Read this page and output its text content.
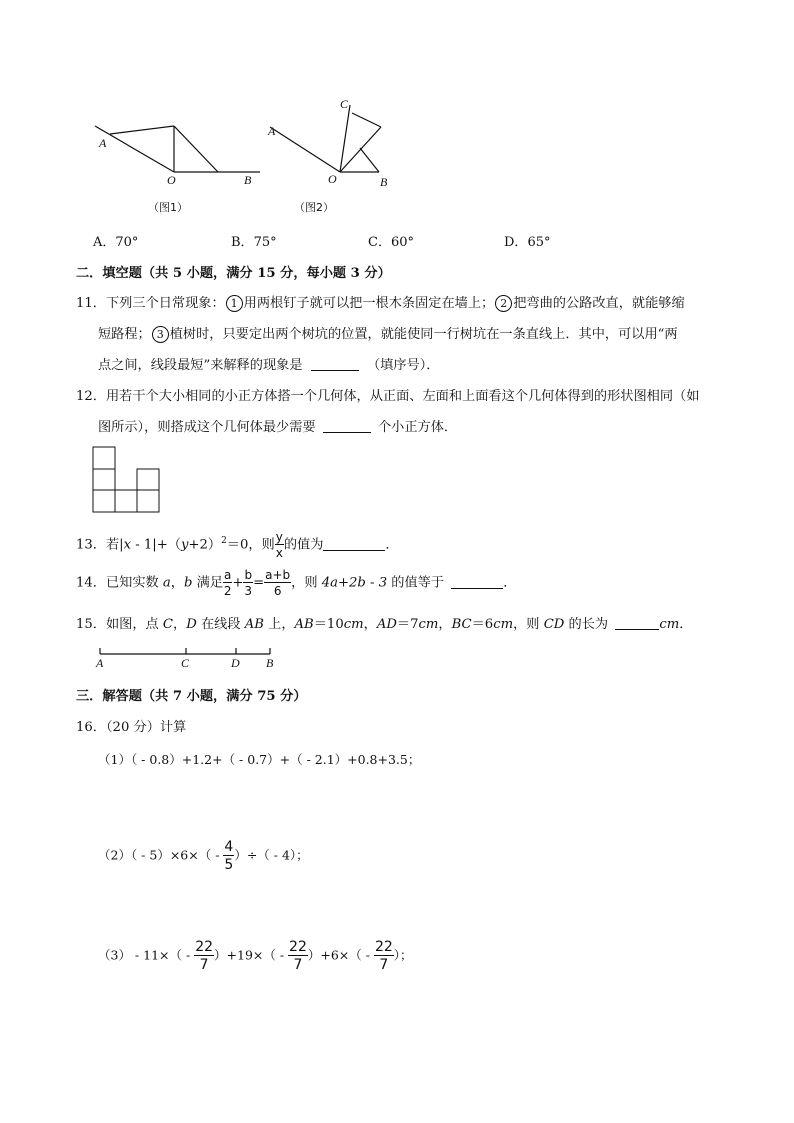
A
O	B
（图1）
C
A
O	B
（图2）
A．70°	B．75°	C．60°	D．65°
二．填空题（共 5 小题，满分 15 分，每小题 3 分）
11．下列三个日常现象： 1 用两根钉子就可以把一根木条固定在墙上； 2 把弯曲的公路改直，就能够缩
短路程； 3 植树时，只要定出两个树坑的位置，就能使同一行树坑在一条直线上．其中，可以用“两
点之间，线段最短”来解释的现象是	（填序号）．
12．用若干个大小相同的小正方体搭一个几何体，从正面、左面和上面看这个几何体得到的形状图相同（如
图所示），则搭成这个几何体最少需要	个小正方体．
13．若$|x - 1|+(y+2)^2=0$，则 $\frac{y}{x}$ 的值为	．
14．已知实数 a，b 满足 $\frac{a}{2} + \frac{b}{3} = \frac{a+b}{6}$ ，则 4a+2b - 3 的值等于	．
15．如图，点 C，D 在线段 AB 上，AB＝10cm，AD＝7cm，BC＝6cm，则 CD 的长为	cm．
A	C	D B
三．解答题（共 7 小题，满分 75 分）
16．（20 分）计算
（1）（ - 0.8）+1.2+（ - 0.7）+（ - 2.1）+0.8+3.5；
$(2)( - 5)\times 6\times( - \frac{4}{5}$ ）÷（ - 4）；
$(3) - 11\times( - \frac{22}{7} )+19\times( - \frac{22}{7} )+6\times( - \frac{22}{7}$ ）；
